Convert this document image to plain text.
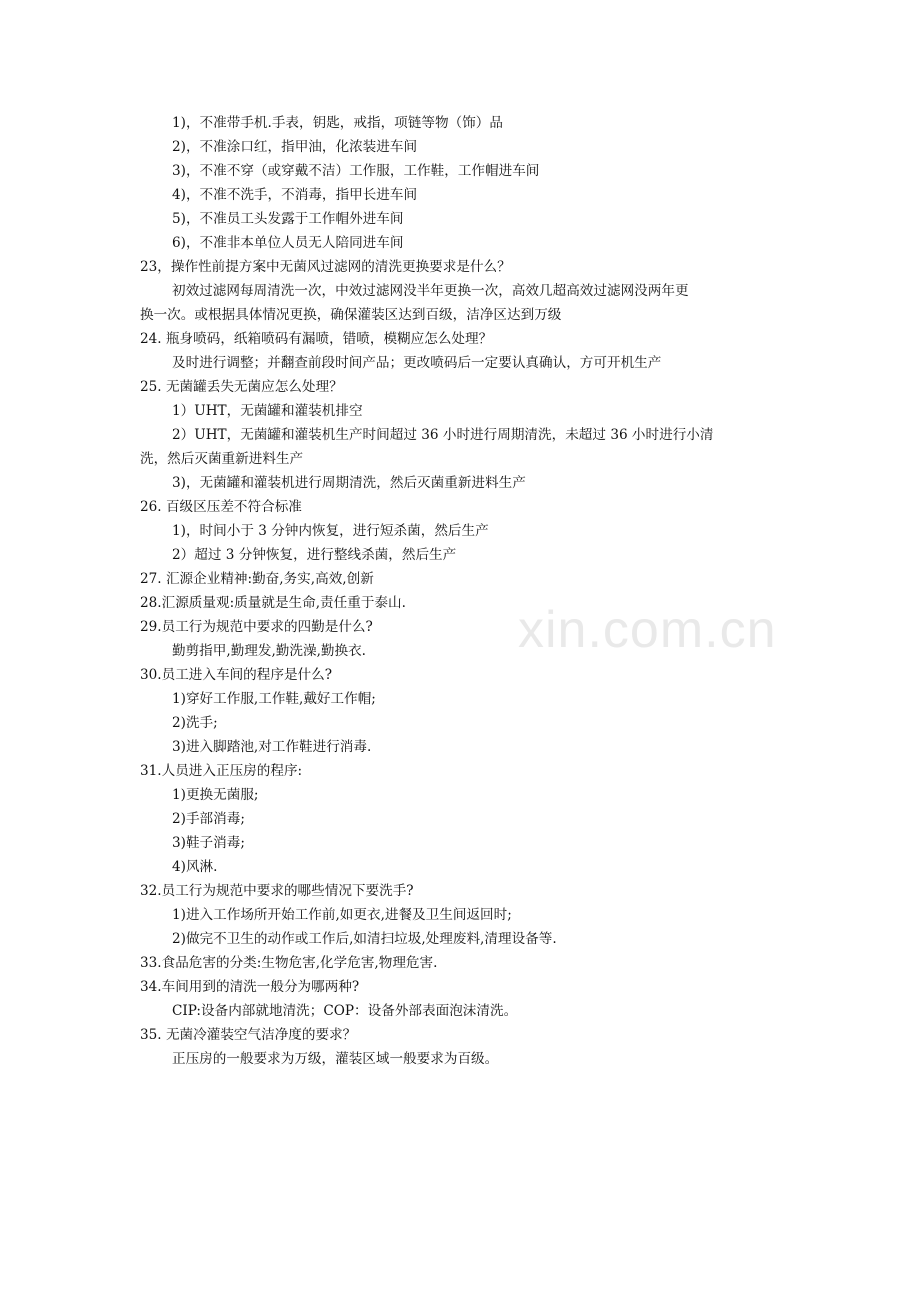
xin.com.cn
1)，不准带手机.手表，钥匙，戒指，项链等物（饰）品
2)，不准涂口红，指甲油，化浓装进车间
3)，不准不穿（或穿戴不洁）工作服，工作鞋，工作帽进车间
4)，不准不洗手，不消毒，指甲长进车间
5)，不准员工头发露于工作帽外进车间
6)，不准非本单位人员无人陪同进车间
23，操作性前提方案中无菌风过滤网的清洗更换要求是什么？
初效过滤网每周清洗一次，中效过滤网没半年更换一次，高效几超高效过滤网没两年更
换一次。或根据具体情况更换，确保灌装区达到百级，洁净区达到万级
24. 瓶身喷码，纸箱喷码有漏喷，错喷，模糊应怎么处理？
及时进行调整；并翻查前段时间产品；更改喷码后一定要认真确认，方可开机生产
25. 无菌罐丢失无菌应怎么处理？
1）UHT，无菌罐和灌装机排空
2）UHT，无菌罐和灌装机生产时间超过 36 小时进行周期清洗，未超过 36 小时进行小清
洗，然后灭菌重新进料生产
3)，无菌罐和灌装机进行周期清洗，然后灭菌重新进料生产
26. 百级区压差不符合标准
1)，时间小于 3 分钟内恢复，进行短杀菌，然后生产
2）超过 3 分钟恢复，进行整线杀菌，然后生产
27. 汇源企业精神:勤奋,务实,高效,创新
28.汇源质量观:质量就是生命,责任重于泰山.
29.员工行为规范中要求的四勤是什么?
勤剪指甲,勤理发,勤洗澡,勤换衣.
30.员工进入车间的程序是什么?
1)穿好工作服,工作鞋,戴好工作帽;
2)洗手;
3)进入脚踏池,对工作鞋进行消毒.
31.人员进入正压房的程序:
1)更换无菌服;
2)手部消毒;
3)鞋子消毒;
4)风淋.
32.员工行为规范中要求的哪些情况下要洗手?
1)进入工作场所开始工作前,如更衣,进餐及卫生间返回时;
2)做完不卫生的动作或工作后,如清扫垃圾,处理废料,清理设备等.
33.食品危害的分类:生物危害,化学危害,物理危害.
34.车间用到的清洗一般分为哪两种?
CIP:设备内部就地清洗；COP：设备外部表面泡沫清洗。
35. 无菌冷灌装空气洁净度的要求？
正压房的一般要求为万级，灌装区域一般要求为百级。
